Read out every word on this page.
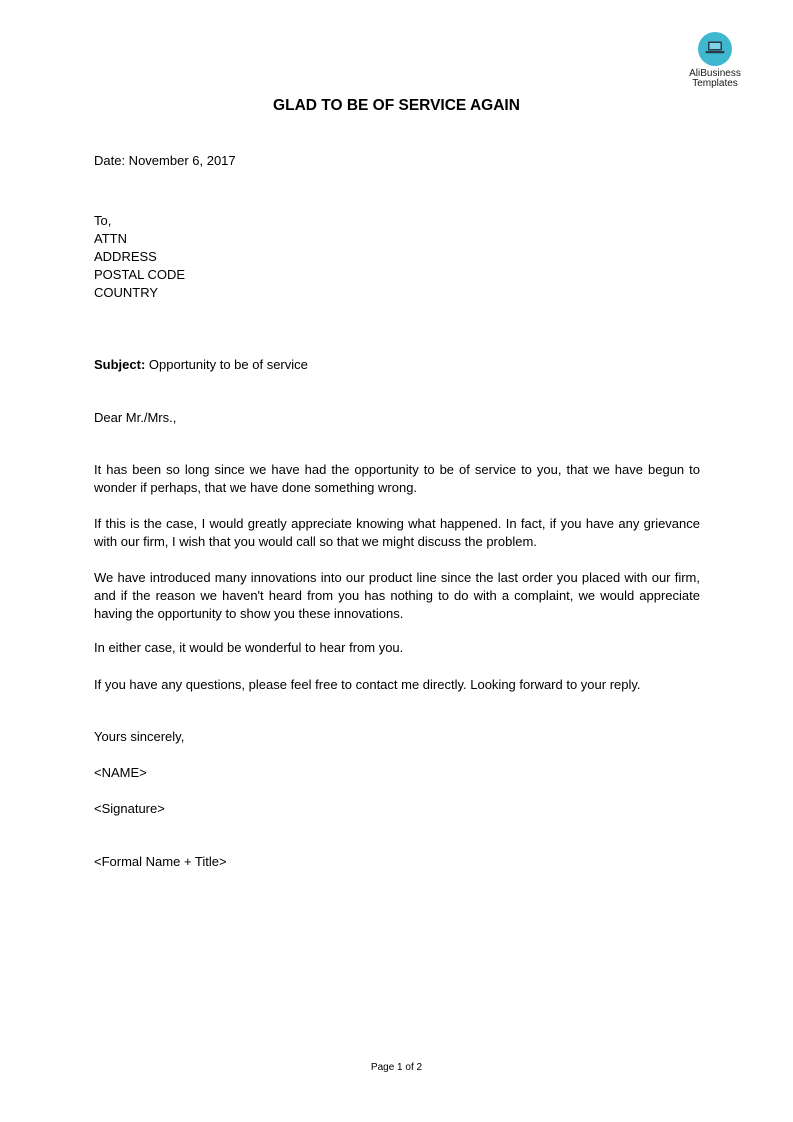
AliBusiness
Templates
GLAD TO BE OF SERVICE AGAIN
Date: November 6, 2017
To,
ATTN
ADDRESS
POSTAL CODE
COUNTRY
Subject: Opportunity to be of service
Dear Mr./Mrs.,
It has been so long since we have had the opportunity to be of service to you, that we have begun to wonder if perhaps, that we have done something wrong.
If this is the case, I would greatly appreciate knowing what happened. In fact, if you have any grievance with our firm, I wish that you would call so that we might discuss the problem.
We have introduced many innovations into our product line since the last order you placed with our firm, and if the reason we haven't heard from you has nothing to do with a complaint, we would appreciate having the opportunity to show you these innovations.
In either case, it would be wonderful to hear from you.
If you have any questions, please feel free to contact me directly. Looking forward to your reply.
Yours sincerely,
<NAME>
<Signature>
<Formal Name + Title>
Page 1 of 2
